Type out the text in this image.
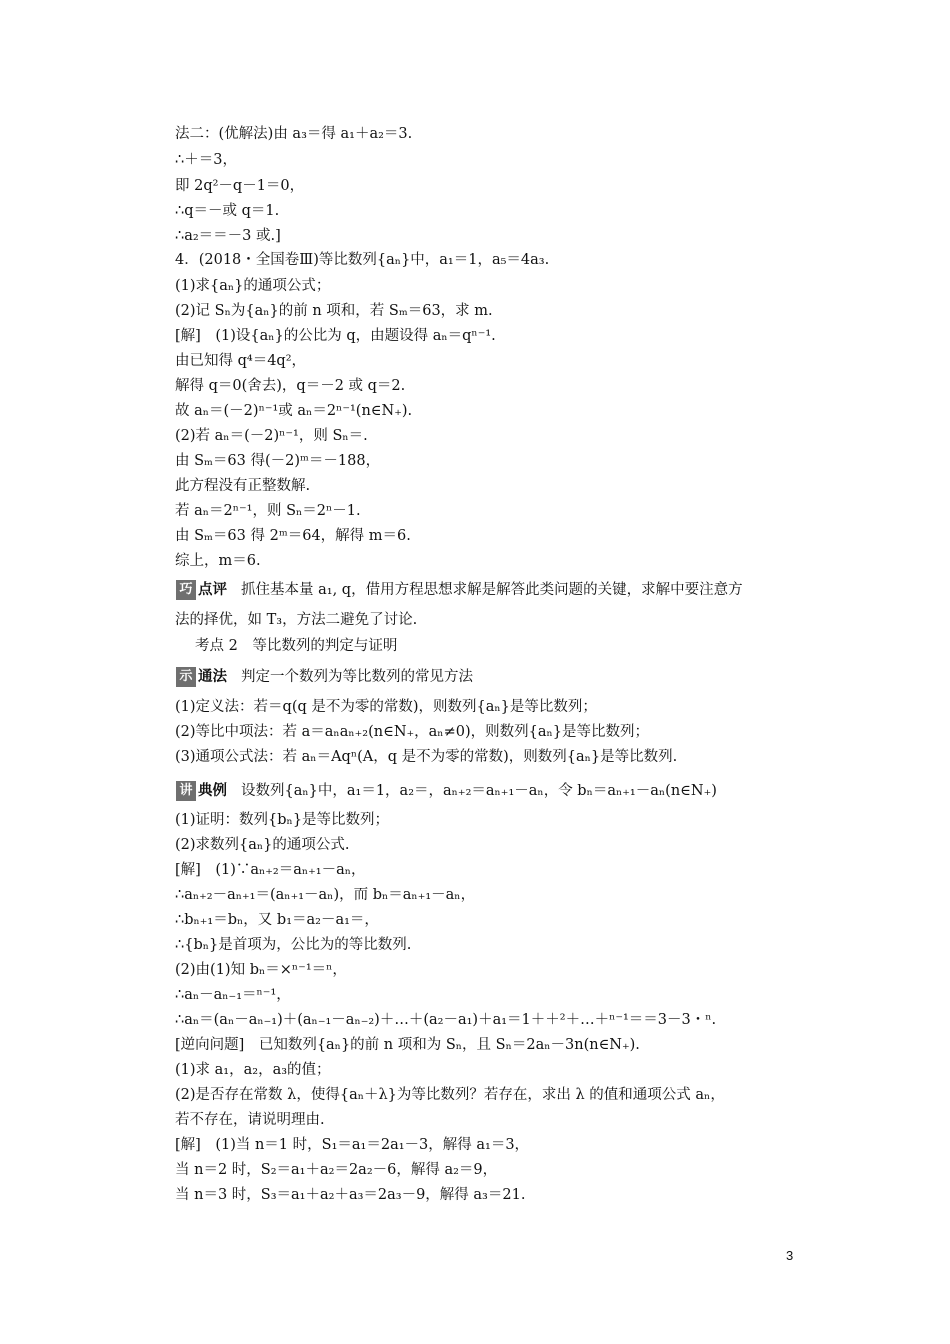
法二：(优解法)由 a₃＝得 a₁＋a₂＝3.
∴＋＝3，
即 2q²－q－1＝0，
∴q＝－或 q＝1.
∴a₂＝＝－3 或.]
4．(2018・全国卷Ⅲ)等比数列{aₙ}中，a₁＝1，a₅＝4a₃.
(1)求{aₙ}的通项公式；
(2)记 Sₙ为{aₙ}的前 n 项和，若 Sₘ＝63，求 m.
[解]　(1)设{aₙ}的公比为 q，由题设得 aₙ＝qⁿ⁻¹.
由已知得 q⁴＝4q²，
解得 q＝0(舍去)，q＝－2 或 q＝2.
故 aₙ＝(－2)ⁿ⁻¹或 aₙ＝2ⁿ⁻¹(n∈N₊).
(2)若 aₙ＝(－2)ⁿ⁻¹，则 Sₙ＝.
由 Sₘ＝63 得(－2)ᵐ＝－188，
此方程没有正整数解.
若 aₙ＝2ⁿ⁻¹，则 Sₙ＝2ⁿ－1.
由 Sₘ＝63 得 2ᵐ＝64，解得 m＝6.
综上，m＝6.
巧 点评 抓住基本量 a₁, q，借用方程思想求解是解答此类问题的关键，求解中要注意方
法的择优，如 T₃，方法二避免了讨论.
考点 2　等比数列的判定与证明
示 通法 判定一个数列为等比数列的常见方法
(1)定义法：若＝q(q 是不为零的常数)，则数列{aₙ}是等比数列；
(2)等比中项法：若 a＝aₙaₙ₊₂(n∈N₊，aₙ≠0)，则数列{aₙ}是等比数列；
(3)通项公式法：若 aₙ＝Aqⁿ(A，q 是不为零的常数)，则数列{aₙ}是等比数列.
讲 典例 设数列{aₙ}中，a₁＝1，a₂＝，aₙ₊₂＝aₙ₊₁－aₙ，令 bₙ＝aₙ₊₁－aₙ(n∈N₊)
(1)证明：数列{bₙ}是等比数列；
(2)求数列{aₙ}的通项公式.
[解]　(1)∵aₙ₊₂＝aₙ₊₁－aₙ，
∴aₙ₊₂－aₙ₊₁＝(aₙ₊₁－aₙ)，而 bₙ＝aₙ₊₁－aₙ，
∴bₙ₊₁＝bₙ，又 b₁＝a₂－a₁＝，
∴{bₙ}是首项为，公比为的等比数列.
(2)由(1)知 bₙ＝×ⁿ⁻¹＝ⁿ，
∴aₙ－aₙ₋₁＝ⁿ⁻¹，
∴aₙ＝(aₙ－aₙ₋₁)＋(aₙ₋₁－aₙ₋₂)＋…＋(a₂－a₁)＋a₁＝1＋＋²＋…＋ⁿ⁻¹＝＝3－3・ⁿ.
[逆向问题]　已知数列{aₙ}的前 n 项和为 Sₙ，且 Sₙ＝2aₙ－3n(n∈N₊).
(1)求 a₁，a₂，a₃的值；
(2)是否存在常数 λ，使得{aₙ＋λ}为等比数列？若存在，求出 λ 的值和通项公式 aₙ，
若不存在，请说明理由.
[解]　(1)当 n＝1 时，S₁＝a₁＝2a₁－3，解得 a₁＝3，
当 n＝2 时，S₂＝a₁＋a₂＝2a₂－6，解得 a₂＝9，
当 n＝3 时，S₃＝a₁＋a₂＋a₃＝2a₃－9，解得 a₃＝21.
3
